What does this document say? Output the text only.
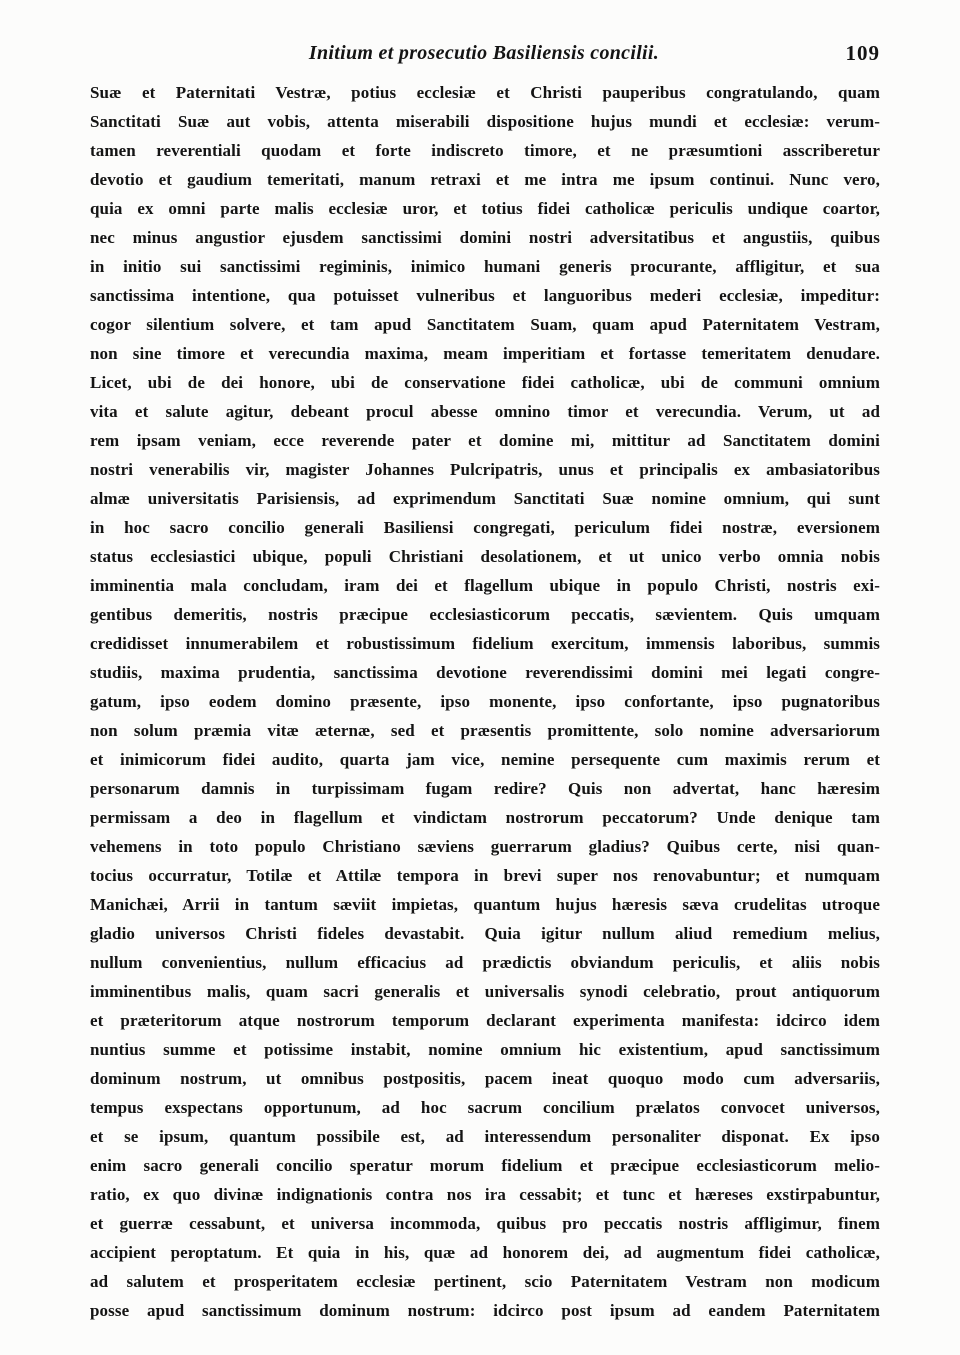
Initium et prosecutio Basiliensis concilii.	109
Suæ et Paternitati Vestræ, potius ecclesiæ et Christi pauperibus congratulando, quam
Sanctitati Suæ aut vobis, attenta miserabili dispositione hujus mundi et ecclesiæ: verum-
tamen reverentiali quodam et forte indiscreto timore, et ne præsumtioni asscriberetur
devotio et gaudium temeritati, manum retraxi et me intra me ipsum continui. Nunc vero,
quia ex omni parte malis ecclesiæ uror, et totius fidei catholicæ periculis undique coartor,
nec minus angustior ejusdem sanctissimi domini nostri adversitatibus et angustiis, quibus
in initio sui sanctissimi regiminis, inimico humani generis procurante, affligitur, et sua
sanctissima intentione, qua potuisset vulneribus et languoribus mederi ecclesiæ, impeditur:
cogor silentium solvere, et tam apud Sanctitatem Suam, quam apud Paternitatem Vestram,
non sine timore et verecundia maxima, meam imperitiam et fortasse temeritatem denudare.
Licet, ubi de dei honore, ubi de conservatione fidei catholicæ, ubi de communi omnium
vita et salute agitur, debeant procul abesse omnino timor et verecundia. Verum, ut ad
rem ipsam veniam, ecce reverende pater et domine mi, mittitur ad Sanctitatem domini
nostri venerabilis vir, magister Johannes Pulcripatris, unus et principalis ex ambasiatoribus
almæ universitatis Parisiensis, ad exprimendum Sanctitati Suæ nomine omnium, qui sunt
in hoc sacro concilio generali Basiliensi congregati, periculum fidei nostræ, eversionem
status ecclesiastici ubique, populi Christiani desolationem, et ut unico verbo omnia nobis
imminentia mala concludam, iram dei et flagellum ubique in populo Christi, nostris exi-
gentibus demeritis, nostris præcipue ecclesiasticorum peccatis, sævientem. Quis umquam
credidisset innumerabilem et robustissimum fidelium exercitum, immensis laboribus, summis
studiis, maxima prudentia, sanctissima devotione reverendissimi domini mei legati congre-
gatum, ipso eodem domino præsente, ipso monente, ipso confortante, ipso pugnatoribus
non solum præmia vitæ æternæ, sed et præsentis promittente, solo nomine adversariorum
et inimicorum fidei audito, quarta jam vice, nemine persequente cum maximis rerum et
personarum damnis in turpissimam fugam redire? Quis non advertat, hanc hæresim
permissam a deo in flagellum et vindictam nostrorum peccatorum? Unde denique tam
vehemens in toto populo Christiano sæviens guerrarum gladius? Quibus certe, nisi quan-
tocius occurratur, Totilæ et Attilæ tempora in brevi super nos renovabuntur; et numquam
Manichæi, Arrii in tantum sæviit impietas, quantum hujus hæresis sæva crudelitas utroque
gladio universos Christi fideles devastabit. Quia igitur nullum aliud remedium melius,
nullum convenientius, nullum efficacius ad prædictis obviandum periculis, et aliis nobis
imminentibus malis, quam sacri generalis et universalis synodi celebratio, prout antiquorum
et præteritorum atque nostrorum temporum declarant experimenta manifesta: idcirco idem
nuntius summe et potissime instabit, nomine omnium hic existentium, apud sanctissimum
dominum nostrum, ut omnibus postpositis, pacem ineat quoquo modo cum adversariis,
tempus exspectans opportunum, ad hoc sacrum concilium prælatos convocet universos,
et se ipsum, quantum possibile est, ad interessendum personaliter disponat. Ex ipso
enim sacro generali concilio speratur morum fidelium et præcipue ecclesiasticorum melio-
ratio, ex quo divinæ indignationis contra nos ira cessabit; et tunc et hæreses exstirpabuntur,
et guerræ cessabunt, et universa incommoda, quibus pro peccatis nostris affligimur, finem
accipient peroptatum. Et quia in his, quæ ad honorem dei, ad augmentum fidei catholicæ,
ad salutem et prosperitatem ecclesiæ pertinent, scio Paternitatem Vestram non modicum
posse apud sanctissimum dominum nostrum: idcirco post ipsum ad eandem Paternitatem
